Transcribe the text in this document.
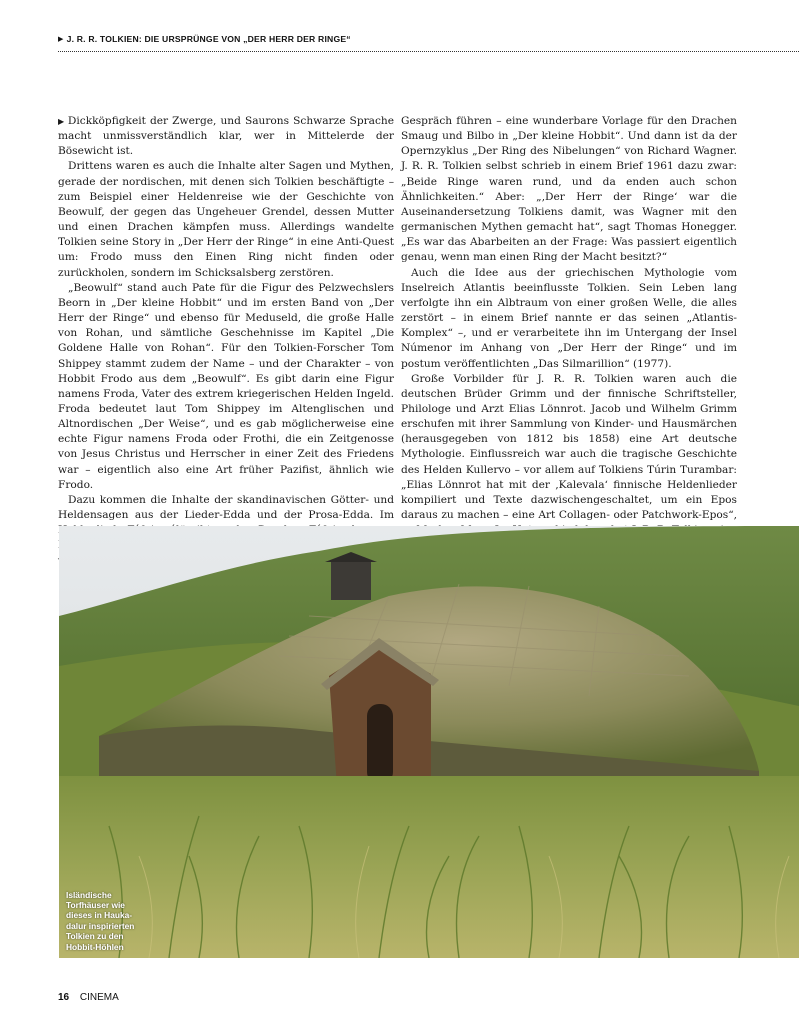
▶ J. R. R. TOLKIEN: DIE URSPRÜNGE VON „DER HERR DER RINGE“

▶ Dickköpfigkeit der Zwerge, und Saurons Schwarze Sprache macht unmissverständlich klar, wer in Mittelerde der Bösewicht ist.

Drittens waren es auch die Inhalte alter Sagen und Mythen, gerade der nordischen, mit denen sich Tolkien beschäftigte – zum Beispiel einer Heldenreise wie der Geschichte von Beowulf, der gegen das Ungeheuer Grendel, dessen Mutter und einen Drachen kämpfen muss. Allerdings wandelte Tolkien seine Story in „Der Herr der Ringe“ in eine Anti-Quest um: Frodo muss den Einen Ring nicht finden oder zurückholen, sondern im Schicksalsberg zerstören.

„Beowulf“ stand auch Pate für die Figur des Pelzwechslers Beorn in „Der kleine Hobbit“ und im ersten Band von „Der Herr der Ringe“ und ebenso für Meduseld, die große Halle von Rohan, und sämtliche Geschehnisse im Kapitel „Die Goldene Halle von Rohan“. Für den Tolkien-Forscher Tom Shippey stammt zudem der Name – und der Charakter – von Hobbit Frodo aus dem „Beowulf“. Es gibt darin eine Figur namens Froda, Vater des extrem kriegerischen Helden Ingeld. Froda bedeutet laut Tom Shippey im Altenglischen und Altnordischen „Der Weise“, und es gab möglicherweise eine echte Figur namens Froda oder Frothi, die ein Zeitgenosse von Jesus Christus und Herrscher in einer Zeit des Friedens war – eigentlich also eine Art früher Pazifist, ähnlich wie Frodo.

Dazu kommen die Inhalte der skandinavischen Götter- und Heldensagen aus der Lieder-Edda und der Prosa-Edda. Im

Gespräch führen – eine wunderbare Vorlage für den Drachen Smaug und Bilbo in „Der kleine Hobbit“. Und dann ist da der Opernzyklus „Der Ring des Nibelungen“ von Richard Wagner. J. R. R. Tolkien selbst schrieb in einem Brief 1961 dazu zwar: „Beide Ringe waren rund, und da enden auch schon Ähnlichkeiten.“ Aber: „‚Der Herr der Ringe‘ war die Auseinandersetzung Tolkiens damit, was Wagner mit den germanischen Mythen gemacht hat“, sagt Thomas Honegger. „Es war das Abarbeiten an der Frage: Was passiert eigentlich genau, wenn man einen Ring der Macht besitzt?“

Auch die Idee aus der griechischen Mythologie vom Inselreich Atlantis beeinflusste Tolkien. Sein Leben lang verfolgte ihn ein Albtraum von einer großen Welle, die alles zerstört – in einem Brief nannte er das seinen „Atlantis-Komplex“ –, und er verarbeitete ihn im Untergang der Insel Númenor im Anhang von „Der Herr der Ringe“ und im postum veröffentlichten „Das Silmarillion“ (1977).

Große Vorbilder für J. R. R. Tolkien waren auch die deutschen Brüder Grimm und der finnische Schriftsteller, Philologe und Arzt Elias Lönnrot. Jacob und Wilhelm Grimm erschufen mit ihrer Sammlung von Kinder- und Hausmärchen (herausgegeben von 1812 bis 1858) eine Art deutsche Mythologie. Einflussreich war auch die tragische Geschichte des Helden Kullervo – vor allem auf Tolkiens Túrin Turambar: „Elias Lönnrot hat mit der ‚Kalevala‘ finnische Heldenlieder kompiliert und Texte dazwischengeschaltet, um ein Epos daraus zu machen – eine Art Collagen- oder Patchwork-Epos“,

Isländische
Torfhäuser wie
dieses in Hauka-
dalur inspirierten
Tolkien zu den
Hobbit-Höhlen
16 CINEMA
